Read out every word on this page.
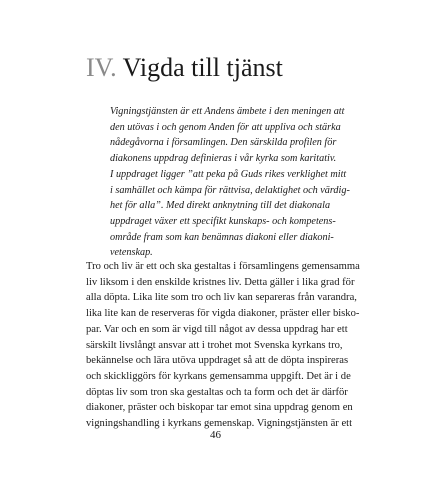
IV. Vigda till tjänst
Vigningstjänsten är ett Andens ämbete i den meningen att
den utövas i och genom Anden för att uppliva och stärka
nådegåvorna i församlingen. Den särskilda profilen för
diakonens uppdrag definieras i vår kyrka som karitativ.
I uppdraget ligger ”att peka på Guds rikes verklighet mitt
i samhället och kämpa för rättvisa, delaktighet och värdig-
het för alla”. Med direkt anknytning till det diakonala
uppdraget växer ett specifikt kunskaps- och kompetens-
område fram som kan benämnas diakoni eller diakoni-
vetenskap.
Tro och liv är ett och ska gestaltas i församlingens gemensamma
liv liksom i den enskilde kristnes liv. Detta gäller i lika grad för
alla döpta. Lika lite som tro och liv kan separeras från varandra,
lika lite kan de reserveras för vigda diakoner, präster eller bisko-
par. Var och en som är vigd till något av dessa uppdrag har ett
särskilt livslångt ansvar att i trohet mot Svenska kyrkans tro,
bekännelse och lära utöva uppdraget så att de döpta inspireras
och skickliggörs för kyrkans gemensamma uppgift. Det är i de
döptas liv som tron ska gestaltas och ta form och det är därför
diakoner, präster och biskopar tar emot sina uppdrag genom en
vigningshandling i kyrkans gemenskap. Vigningstjänsten är ett
46
